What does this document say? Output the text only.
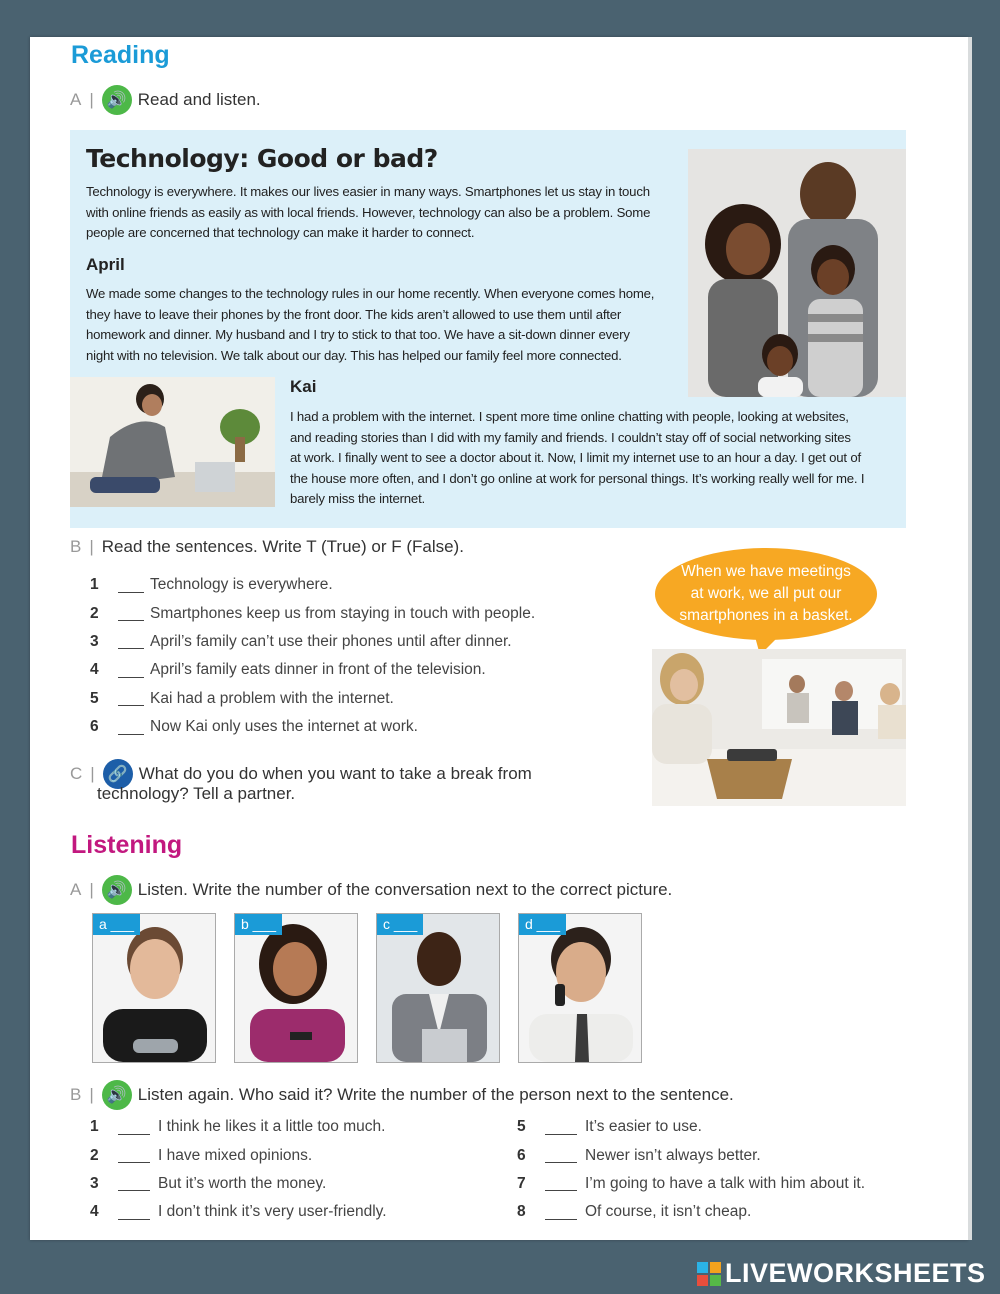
Reading
A | 🔊 Read and listen.
Technology: Good or bad?
Technology is everywhere. It makes our lives easier in many ways. Smartphones let us stay in touch
with online friends as easily as with local friends. However, technology can also be a problem. Some
people are concerned that technology can make it harder to connect.
April
We made some changes to the technology rules in our home recently. When everyone comes home,
they have to leave their phones by the front door. The kids aren’t allowed to use them until after
homework and dinner. My husband and I try to stick to that too. We have a sit-down dinner every
night with no television. We talk about our day. This has helped our family feel more connected.
Kai
I had a problem with the internet. I spent more time online chatting with people, looking at websites,
and reading stories than I did with my family and friends. I couldn’t stay off of social networking sites
at work. I finally went to see a doctor about it. Now, I limit my internet use to an hour a day. I get out of
the house more often, and I don’t go online at work for personal things. It’s working really well for me. I
barely miss the internet.
B | Read the sentences. Write T (True) or F (False).
1	Technology is everywhere.
2	Smartphones keep us from staying in touch with people.
3	April’s family can’t use their phones until after dinner.
4	April’s family eats dinner in front of the television.
5	Kai had a problem with the internet.
6	Now Kai only uses the internet at work.
When we have meetings
at work, we all put our
smartphones in a basket.
C | 🔗 What do you do when you want to take a break from
technology? Tell a partner.
Listening
A | 🔊 Listen. Write the number of the conversation next to the correct picture.
a ___	b ___	c ___	d ___
B | 🔊 Listen again. Who said it? Write the number of the person next to the sentence.
1	I think he likes it a little too much.
2	I have mixed opinions.
3	But it’s worth the money.
4	I don’t think it’s very user-friendly.
5	It’s easier to use.
6	Newer isn’t always better.
7	I’m going to have a talk with him about it.
8	Of course, it isn’t cheap.
LIVEWORKSHEETS
